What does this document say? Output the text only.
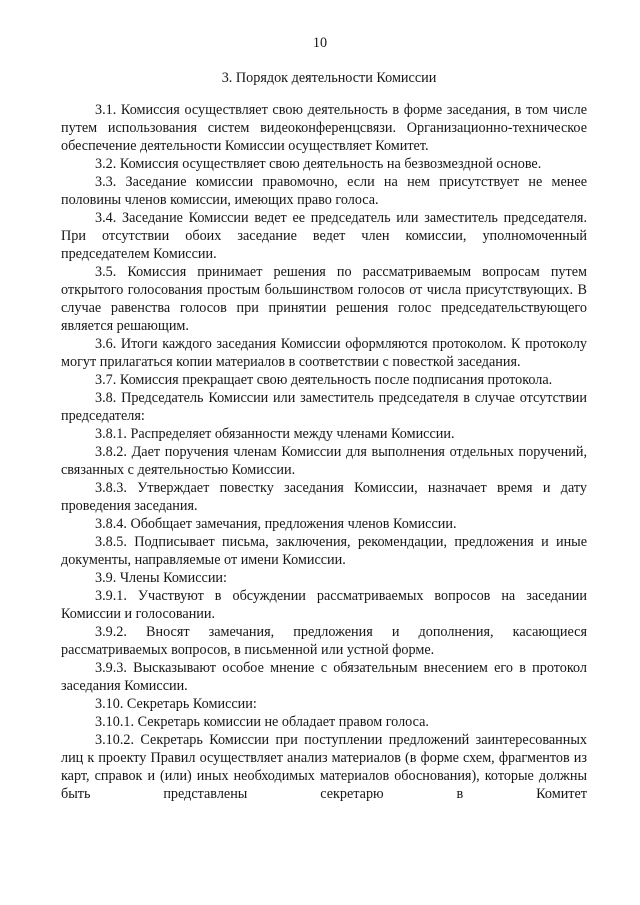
10
3. Порядок деятельности Комиссии

3.1. Комиссия осуществляет свою деятельность в форме заседания, в том числе путем использования систем видеоконференцсвязи. Организационно-техническое обеспечение деятельности Комиссии осуществляет Комитет.

3.2. Комиссия осуществляет свою деятельность на безвозмездной основе.

3.3. Заседание комиссии правомочно, если на нем присутствует не менее половины членов комиссии, имеющих право голоса.

3.4. Заседание Комиссии ведет ее председатель или заместитель председателя. При отсутствии обоих заседание ведет член комиссии, уполномоченный председателем Комиссии.

3.5. Комиссия принимает решения по рассматриваемым вопросам путем открытого голосования простым большинством голосов от числа присутствующих. В случае равенства голосов при принятии решения голос председательствующего является решающим.

3.6. Итоги каждого заседания Комиссии оформляются протоколом. К протоколу могут прилагаться копии материалов в соответствии с повесткой заседания.

3.7. Комиссия прекращает свою деятельность после подписания протокола.

3.8. Председатель Комиссии или заместитель председателя в случае отсутствии председателя:

3.8.1. Распределяет обязанности между членами Комиссии.

3.8.2. Дает поручения членам Комиссии для выполнения отдельных поручений, связанных с деятельностью Комиссии.

3.8.3. Утверждает повестку заседания Комиссии, назначает время и дату проведения заседания.

3.8.4. Обобщает замечания, предложения членов Комиссии.

3.8.5. Подписывает письма, заключения, рекомендации, предложения и иные документы, направляемые от имени Комиссии.

3.9. Члены Комиссии:

3.9.1. Участвуют в обсуждении рассматриваемых вопросов на заседании Комиссии и голосовании.

3.9.2. Вносят замечания, предложения и дополнения, касающиеся рассматриваемых вопросов, в письменной или устной форме.

3.9.3. Высказывают особое мнение с обязательным внесением его в протокол заседания Комиссии.

3.10. Секретарь Комиссии:

3.10.1. Секретарь комиссии не обладает правом голоса.

3.10.2. Секретарь Комиссии при поступлении предложений заинтересованных лиц к проекту Правил осуществляет анализ материалов (в форме схем, фрагментов из карт, справок и (или) иных необходимых материалов обоснования), которые должны быть представлены секретарю в Комитет
